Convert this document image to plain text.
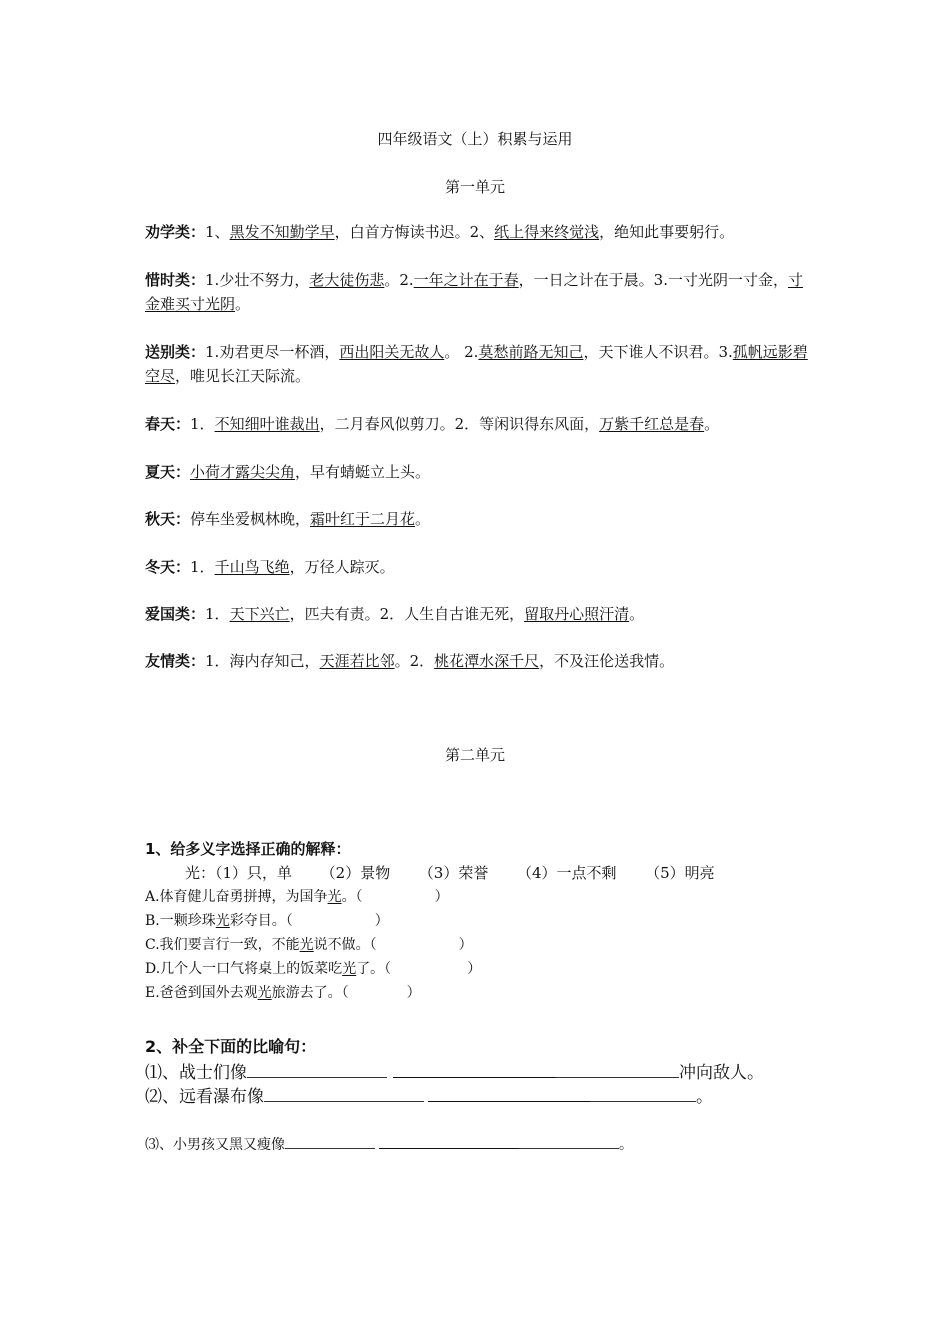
四年级语文（上）积累与运用
第一单元
劝学类：1、黑发不知勤学早，白首方悔读书迟。2、纸上得来终觉浅，绝知此事要躬行。
惜时类：1.少壮不努力，老大徒伤悲。2.一年之计在于春，一日之计在于晨。3.一寸光阴一寸金，寸金难买寸光阴。
送别类：1.劝君更尽一杯酒，西出阳关无故人。 2.莫愁前路无知己，天下谁人不识君。3.孤帆远影碧空尽，唯见长江天际流。
春天：1．不知细叶谁裁出，二月春风似剪刀。2．等闲识得东风面，万紫千红总是春。
夏天：小荷才露尖尖角，早有蜻蜓立上头。
秋天：停车坐爱枫林晚，霜叶红于二月花。
冬天：1．千山鸟飞绝，万径人踪灭。
爱国类：1．天下兴亡，匹夫有责。2．人生自古谁无死，留取丹心照汗清。
友情类：1．海内存知己，天涯若比邻。2．桃花潭水深千尺，不及汪伦送我情。
第二单元
1、给多义字选择正确的解释：
光：（1）只，单      （2）景物      （3）荣誉      （4）一点不剩      （5）明亮
A.体育健儿奋勇拼搏，为国争光。（	）
B.一颗珍珠光彩夺目。（	）
C.我们要言行一致，不能光说不做。（	）
D.几个人一口气将桌上的饭菜吃光了。（	）
E.爸爸到国外去观光旅游去了。（	）
2、补全下面的比喻句：
⑴、战士们像	冲向敌人。
⑵、远看瀑布像	。
⑶、小男孩又黑又瘦像	。
